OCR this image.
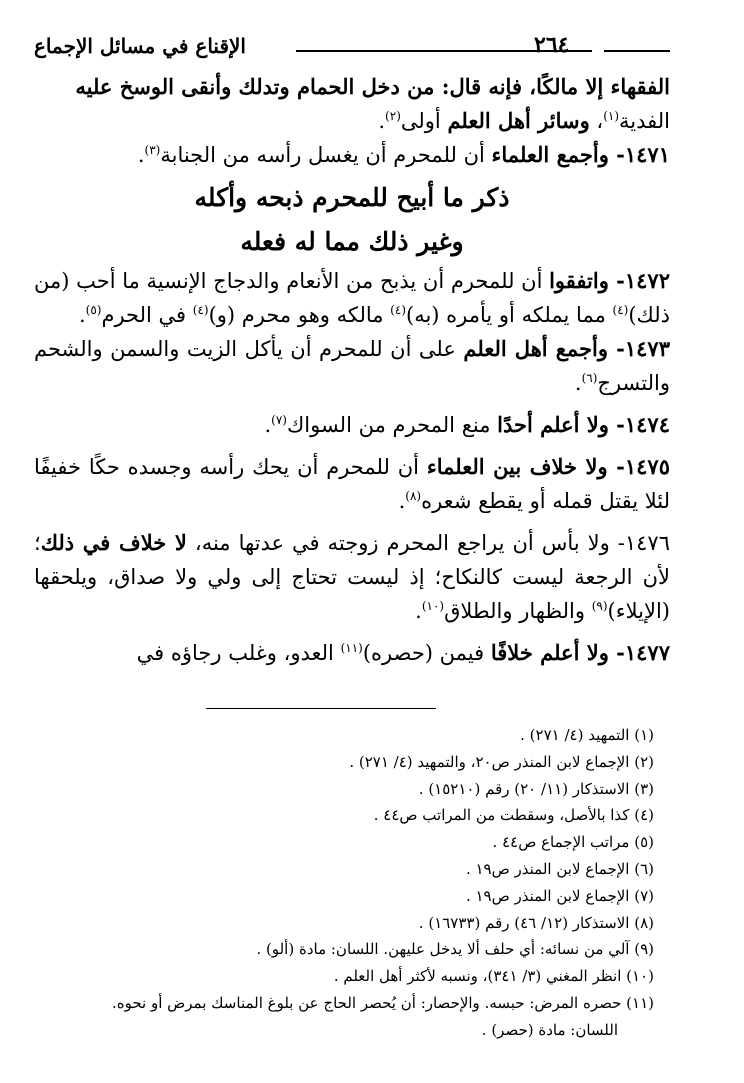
٢٦٤
الإقناع في مسائل الإجماع

الفقهاء إلا مالكًا، فإنه قال: من دخل الحمام وتدلك وأنقى الوسخ عليه
الفدية$^{(١)}$، وسائر أهل العلم أولى$^{(٢)}$.

١٤٧١- وأجمع العلماء أن للمحرم أن يغسل رأسه من الجنابة$^{(٣)}$.

ذكر ما أبيح للمحرم ذبحه وأكله
وغير ذلك مما له فعله

١٤٧٢- واتفقوا أن للمحرم أن يذبح من الأنعام والدجاج الإنسية ما أحب (من ذلك)$^{(٤)}$ مما يملكه أو يأمره (به)$^{(٤)}$ مالكه وهو محرم (و)$^{(٤)}$ في الحرم$^{(٥)}$.

١٤٧٣- وأجمع أهل العلم على أن للمحرم أن يأكل الزيت والسمن والشحم والتسرج$^{(٦)}$.

١٤٧٤- ولا أعلم أحدًا منع المحرم من السواك$^{(٧)}$.

١٤٧٥- ولا خلاف بين العلماء أن للمحرم أن يحك رأسه وجسده حكًا خفيفًا لئلا يقتل قمله أو يقطع شعره$^{(٨)}$.

١٤٧٦- ولا بأس أن يراجع المحرم زوجته في عدتها منه، لا خلاف في ذلك؛ لأن الرجعة ليست كالنكاح؛ إذ ليست تحتاج إلى ولي ولا صداق، ويلحقها (الإيلاء)$^{(٩)}$ والظهار والطلاق$^{(١٠)}$.

١٤٧٧- ولا أعلم خلافًا فيمن (حصره)$^{(١١)}$ العدو، وغلب رجاؤه في

(١) التمهيد (٤/ ٢٧١) .
(٢) الإجماع لابن المنذر ص٢٠، والتمهيد (٤/ ٢٧١) .
(٣) الاستذكار (١١/ ٢٠) رقم (١٥٢١٠) .
(٤) كذا بالأصل، وسقطت من المراتب ص٤٤ .
(٥) مراتب الإجماع ص٤٤ .
(٦) الإجماع لابن المنذر ص١٩ .
(٧) الإجماع لابن المنذر ص١٩ .
(٨) الاستذكار (١٢/ ٤٦) رقم (١٦٧٣٣) .
(٩) آلي من نسائه: أي حلف ألا يدخل عليهن. اللسان: مادة (ألو) .
(١٠) انظر المغني (٣/ ٣٤١)، ونسبه لأكثر أهل العلم .
(١١) حصره المرض: حبسه. والإحصار: أن يُحصر الحاج عن بلوغ المناسك بمرض أو نحوه.
اللسان: مادة (حصر) .
